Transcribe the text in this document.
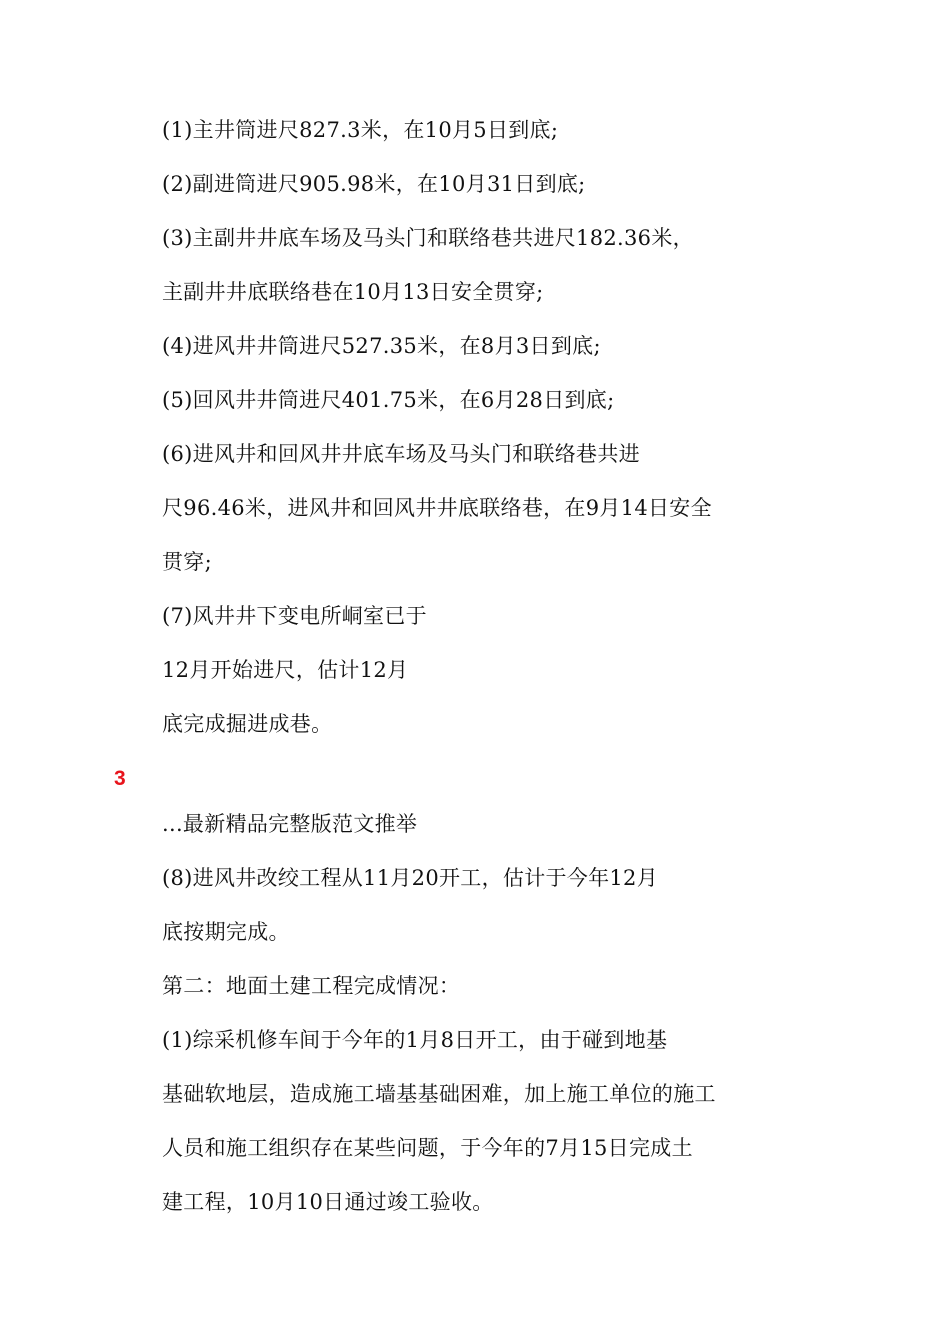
(1)主井筒进尺827.3米，在10月5日到底;
(2)副进筒进尺905.98米，在10月31日到底;
(3)主副井井底车场及马头门和联络巷共进尺182.36米，
主副井井底联络巷在10月13日安全贯穿;
(4)进风井井筒进尺527.35米，在8月3日到底;
(5)回风井井筒进尺401.75米，在6月28日到底;
(6)进风井和回风井井底车场及马头门和联络巷共进
尺96.46米，进风井和回风井井底联络巷，在9月14日安全
贯穿;
(7)风井井下变电所峒室已于
12月开始进尺，估计12月
底完成掘进成巷。
3
...最新精品完整版范文推举
(8)进风井改绞工程从11月20开工，估计于今年12月
底按期完成。
第二：地面土建工程完成情况：
(1)综采机修车间于今年的1月8日开工，由于碰到地基
基础软地层，造成施工墙基基础困难，加上施工单位的施工
人员和施工组织存在某些问题，于今年的7月15日完成土
建工程，10月10日通过竣工验收。
